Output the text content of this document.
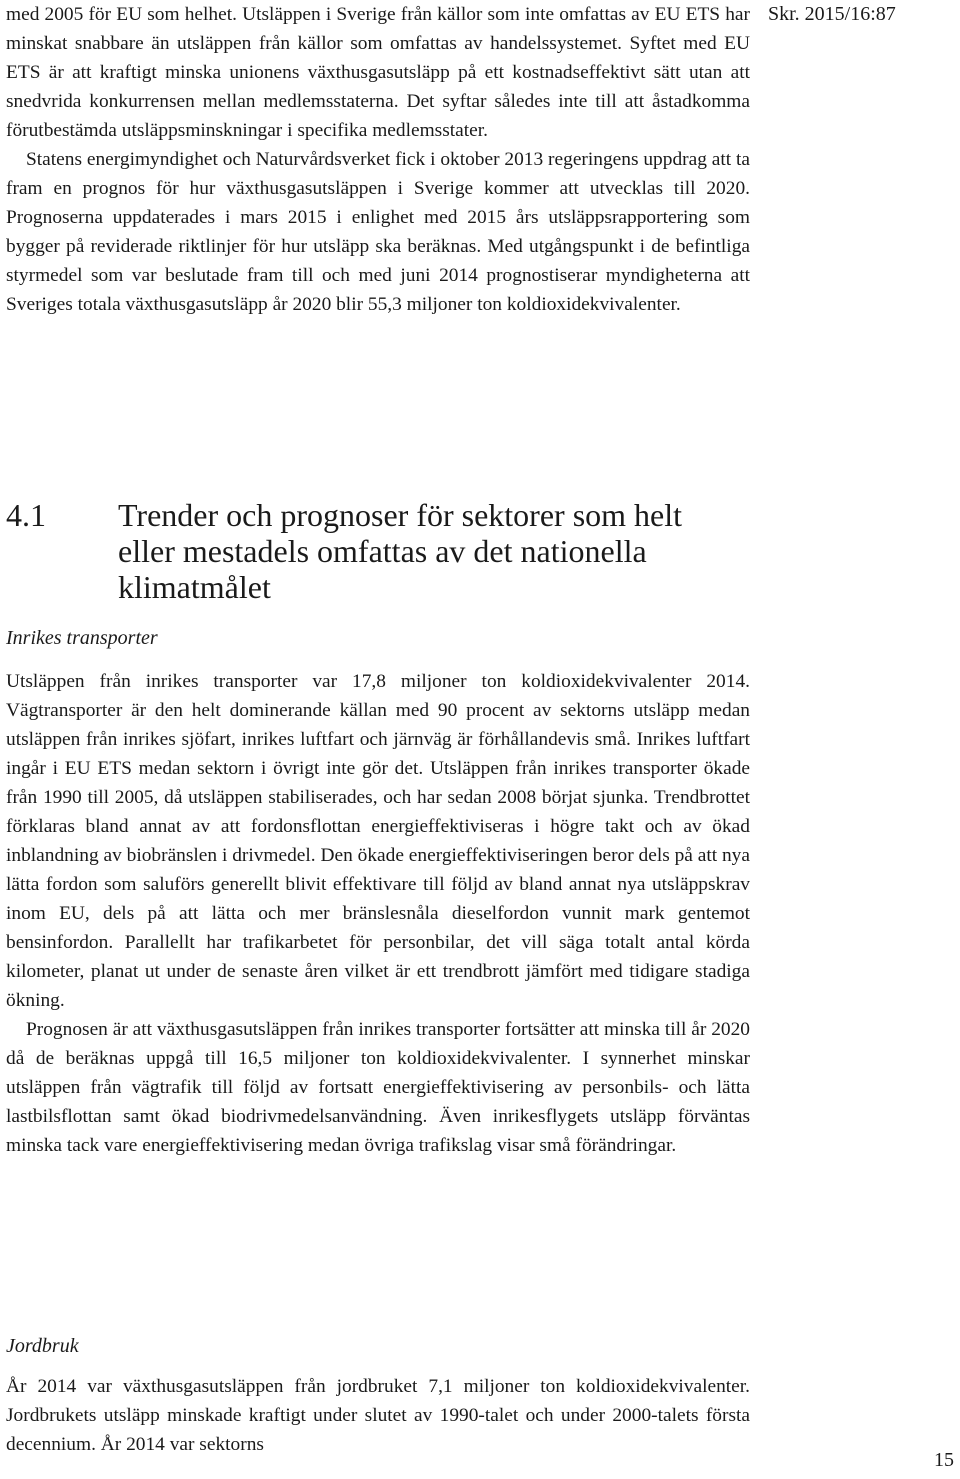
Skr. 2015/16:87

med 2005 för EU som helhet. Utsläppen i Sverige från källor som inte omfattas av EU ETS har minskat snabbare än utsläppen från källor som omfattas av handelssystemet. Syftet med EU ETS är att kraftigt minska unionens växthusgasutsläpp på ett kostnadseffektivt sätt utan att snedvrida konkurrensen mellan medlemsstaterna. Det syftar således inte till att åstadkomma förutbestämda utsläppsminskningar i specifika medlemsstater.

Statens energimyndighet och Naturvårdsverket fick i oktober 2013 regeringens uppdrag att ta fram en prognos för hur växthusgasutsläppen i Sverige kommer att utvecklas till 2020. Prognoserna uppdaterades i mars 2015 i enlighet med 2015 års utsläppsrapportering som bygger på reviderade riktlinjer för hur utsläpp ska beräknas. Med utgångspunkt i de befintliga styrmedel som var beslutade fram till och med juni 2014 prognostiserar myndigheterna att Sveriges totala växthusgasutsläpp år 2020 blir 55,3 miljoner ton koldioxidekvivalenter.

4.1 Trender och prognoser för sektorer som helt eller mestadels omfattas av det nationella klimatmålet
Inrikes transporter

Utsläppen från inrikes transporter var 17,8 miljoner ton koldioxidekvivalenter 2014. Vägtransporter är den helt dominerande källan med 90 procent av sektorns utsläpp medan utsläppen från inrikes sjöfart, inrikes luftfart och järnväg är förhållandevis små. Inrikes luftfart ingår i EU ETS medan sektorn i övrigt inte gör det. Utsläppen från inrikes transporter ökade från 1990 till 2005, då utsläppen stabiliserades, och har sedan 2008 börjat sjunka. Trendbrottet förklaras bland annat av att fordonsflottan energieffektiviseras i högre takt och av ökad inblandning av biobränslen i drivmedel. Den ökade energieffektiviseringen beror dels på att nya lätta fordon som saluförs generellt blivit effektivare till följd av bland annat nya utsläppskrav inom EU, dels på att lätta och mer bränslesnåla dieselfordon vunnit mark gentemot bensinfordon. Parallellt har trafikarbetet för personbilar, det vill säga totalt antal körda kilometer, planat ut under de senaste åren vilket är ett trendbrott jämfört med tidigare stadiga ökning.

Prognosen är att växthusgasutsläppen från inrikes transporter fortsätter att minska till år 2020 då de beräknas uppgå till 16,5 miljoner ton koldioxidekvivalenter. I synnerhet minskar utsläppen från vägtrafik till följd av fortsatt energieffektivisering av personbils- och lätta lastbilsflottan samt ökad biodrivmedelsanvändning. Även inrikesflygets utsläpp förväntas minska tack vare energieffektivisering medan övriga trafikslag visar små förändringar.

Jordbruk

År 2014 var växthusgasutsläppen från jordbruket 7,1 miljoner ton koldioxidekvivalenter. Jordbrukets utsläpp minskade kraftigt under slutet av 1990-talet och under 2000-talets första decennium. År 2014 var sektorns

15
